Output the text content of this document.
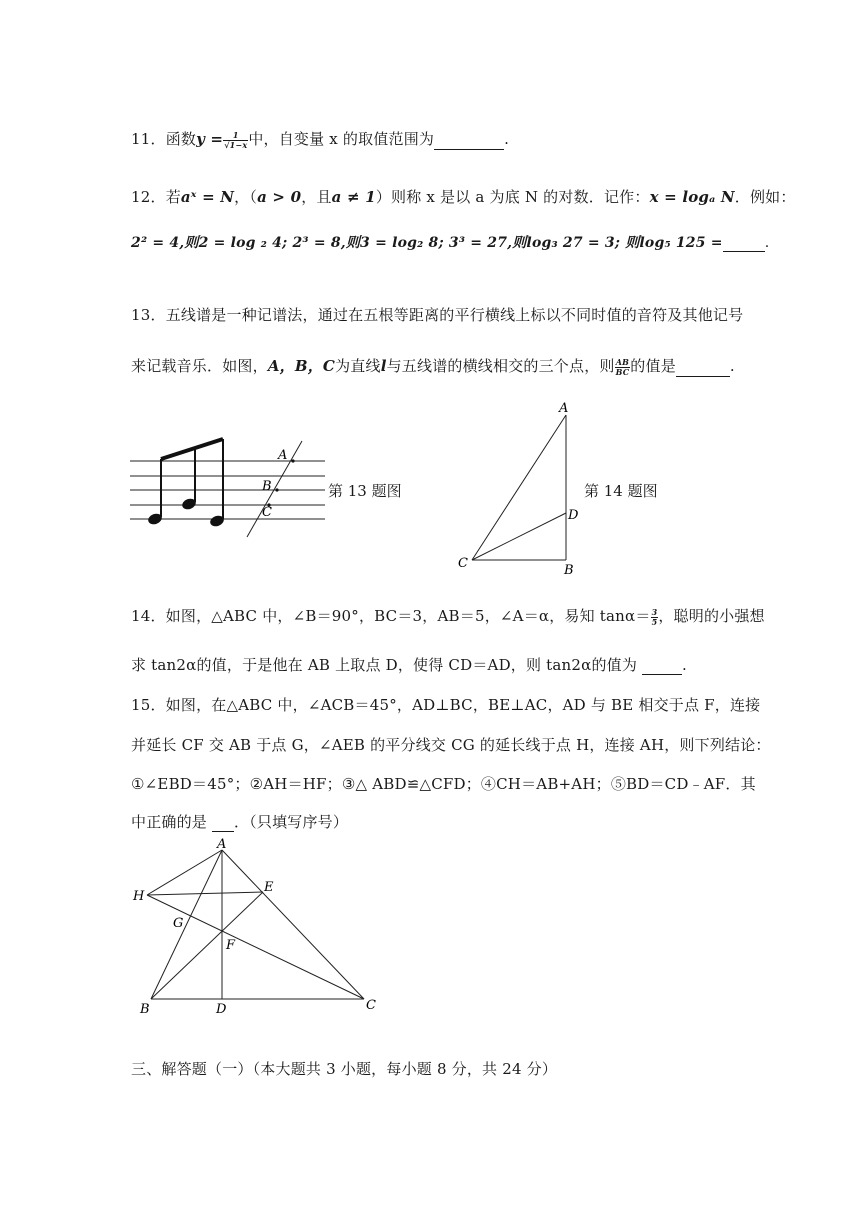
11．函数$y = \frac{1}{√1-x}$ 中，自变量 x 的取值范围为	.
12．若aˣ = N，（a > 0，且a ≠ 1）则称 x 是以 a 为底 N 的对数．记作：x = logₐ N．例如：
2² = 4,则2 = log ₂ 4; 2³ = 8,则3 = log₂ 8; 3³ = 27,则log₃ 27 = 3; 则log₅ 125 =	.
13．五线谱是一种记谱法，通过在五根等距离的平行横线上标以不同时值的音符及其他记号
来记载音乐．如图，A，B，C为直线l与五线谱的横线相交的三个点，则 $\frac{AB}{BC}$ 的值是	.
A
B
C
第 13 题图
A
B
C
D
第 14 题图
14．如图，△ABC 中，∠B＝90°，BC＝3，AB＝5，∠A＝α，易知 $\tan\alpha= \frac{3}{5}$ ，聪明的小强想
求 tan2α的值，于是他在 AB 上取点 D，使得 CD＝AD，则 tan2α的值为	.
15．如图，在△ABC 中，∠ACB＝45°，AD⊥BC，BE⊥AC，AD 与 BE 相交于点 F，连接
并延长 CF 交 AB 于点 G，∠AEB 的平分线交 CG 的延长线于点 H，连接 AH，则下列结论：
①∠EBD＝45°；②AH＝HF；③△ ABD≌△CFD；④CH＝AB+AH；⑤BD＝CD﹣AF．其
中正确的是 ．（只填写序号）
A
H
E
G
F
B	D	C
三、解答题（一）（本大题共 3 小题，每小题 8 分，共 24 分）
